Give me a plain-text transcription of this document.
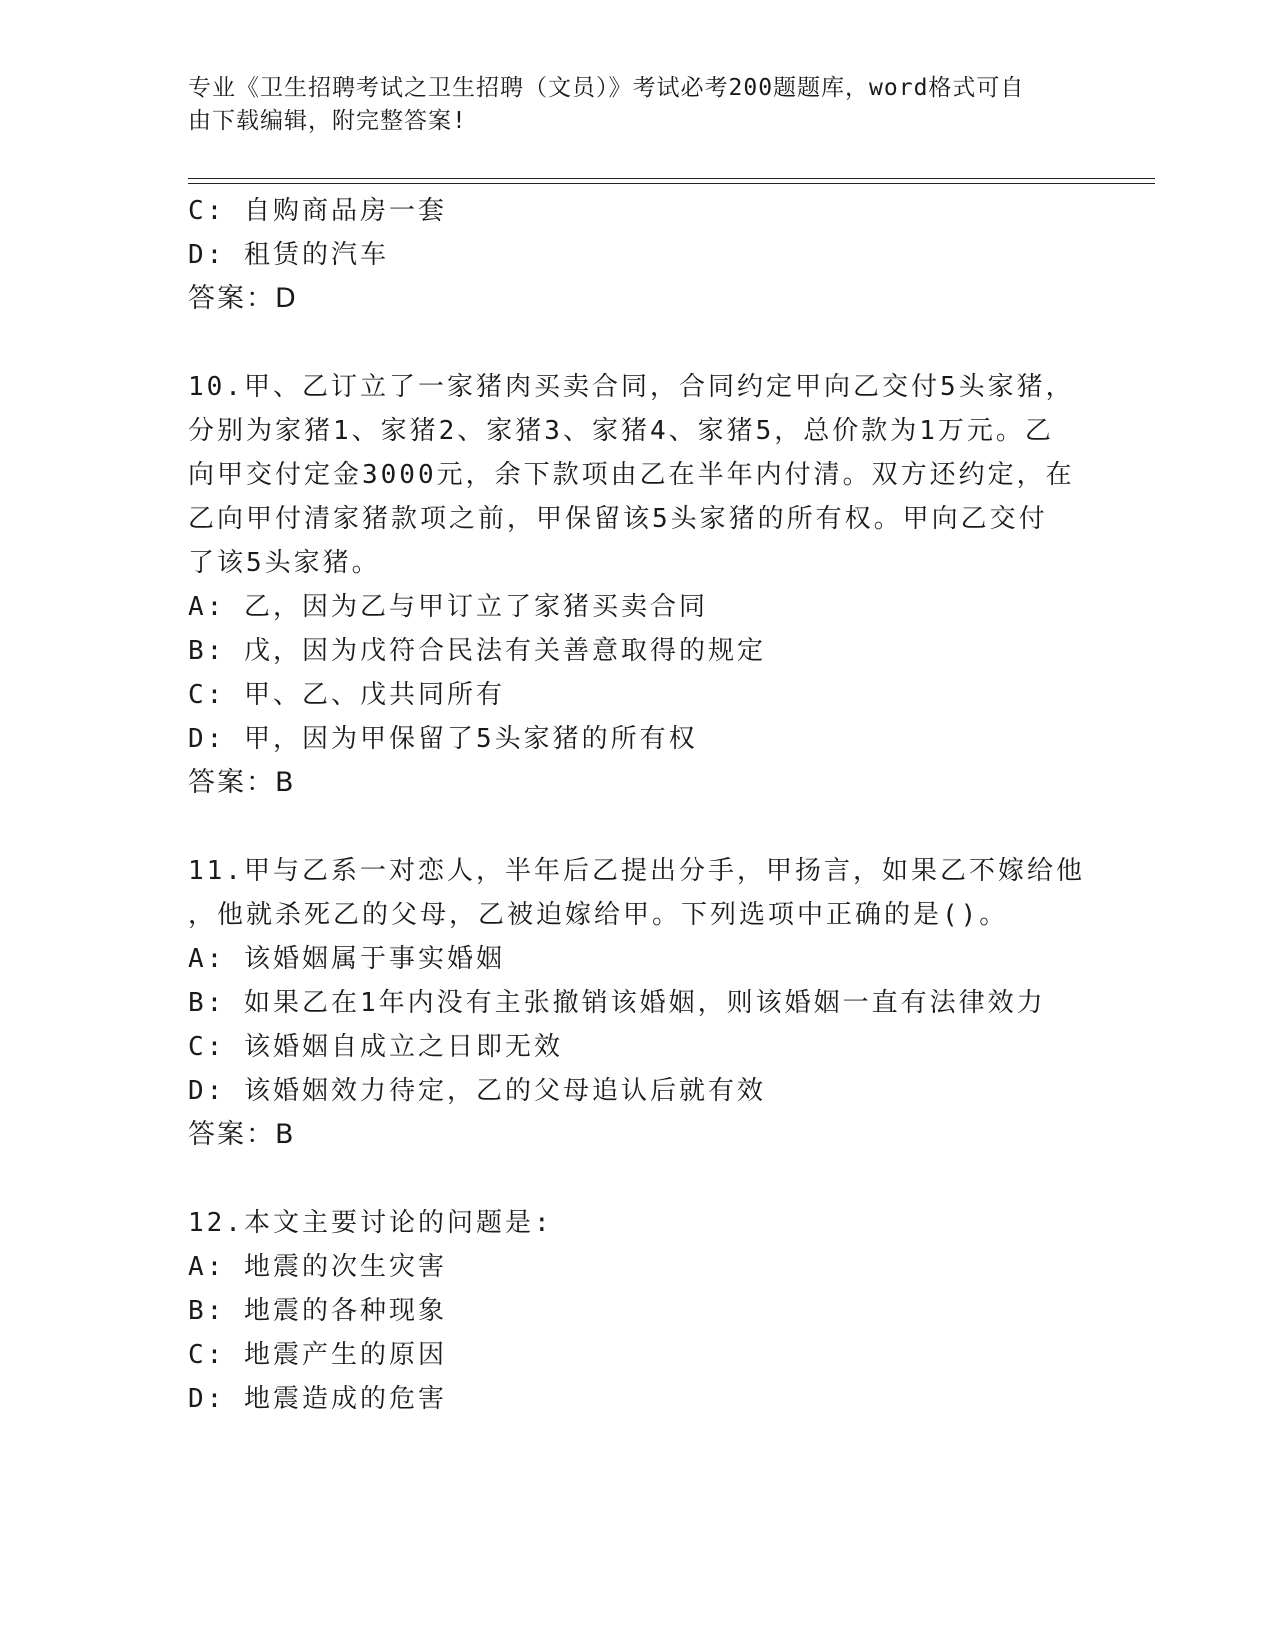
专业《卫生招聘考试之卫生招聘（文员）》考试必考200题题库，word格式可自
由下载编辑，附完整答案!
C: 自购商品房一套
D: 租赁的汽车
答案：D
10.甲、乙订立了一家猪肉买卖合同，合同约定甲向乙交付5头家猪，
分别为家猪1、家猪2、家猪3、家猪4、家猪5，总价款为1万元。乙
向甲交付定金3000元，余下款项由乙在半年内付清。双方还约定，在
乙向甲付清家猪款项之前，甲保留该5头家猪的所有权。甲向乙交付
了该5头家猪。
A: 乙，因为乙与甲订立了家猪买卖合同
B: 戊，因为戊符合民法有关善意取得的规定
C: 甲、乙、戊共同所有
D: 甲，因为甲保留了5头家猪的所有权
答案：B
11.甲与乙系一对恋人，半年后乙提出分手，甲扬言，如果乙不嫁给他
，他就杀死乙的父母，乙被迫嫁给甲。下列选项中正确的是()。
A: 该婚姻属于事实婚姻
B: 如果乙在1年内没有主张撤销该婚姻，则该婚姻一直有法律效力
C: 该婚姻自成立之日即无效
D: 该婚姻效力待定，乙的父母追认后就有效
答案：B
12.本文主要讨论的问题是:
A: 地震的次生灾害
B: 地震的各种现象
C: 地震产生的原因
D: 地震造成的危害
